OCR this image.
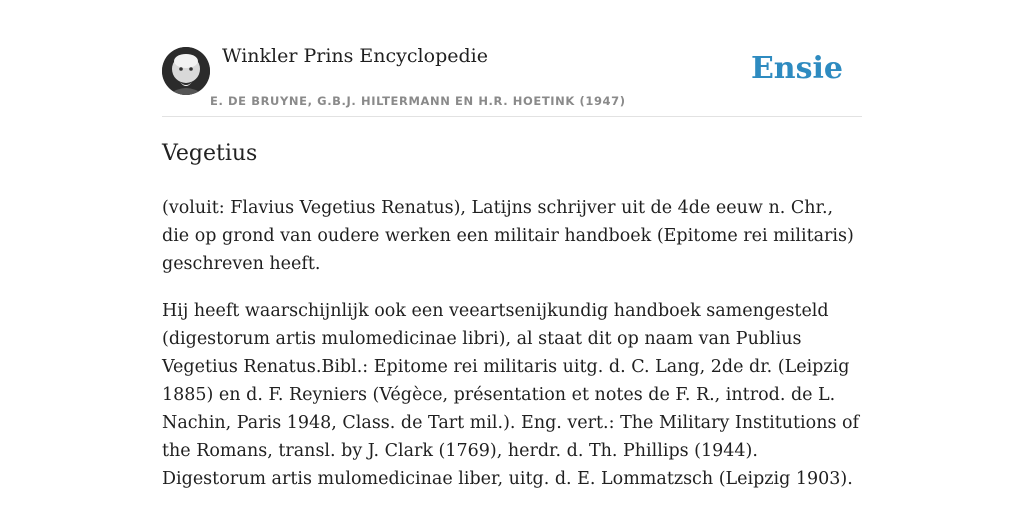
Winkler Prins Encyclopedie
E. DE BRUYNE, G.B.J. HILTERMANN EN H.R. HOETINK (1947)
Ensie
Vegetius

(voluit: Flavius Vegetius Renatus), Latijns schrijver uit de 4de eeuw n. Chr., die op grond van oudere werken een militair handboek (Epitome rei militaris) geschreven heeft.

Hij heeft waarschijnlijk ook een veeartsenijkundig handboek samengesteld (digestorum artis mulomedicinae libri), al staat dit op naam van Publius Vegetius Renatus.Bibl.: Epitome rei militaris uitg. d. C. Lang, 2de dr. (Leipzig 1885) en d. F. Reyniers (Végèce, présentation et notes de F. R., introd. de L. Nachin, Paris 1948, Class. de Tart mil.). Eng. vert.: The Military Institutions of the Romans, transl. by J. Clark (1769), herdr. d. Th. Phillips (1944). Digestorum artis mulomedicinae liber, uitg. d. E. Lommatzsch (Leipzig 1903).
